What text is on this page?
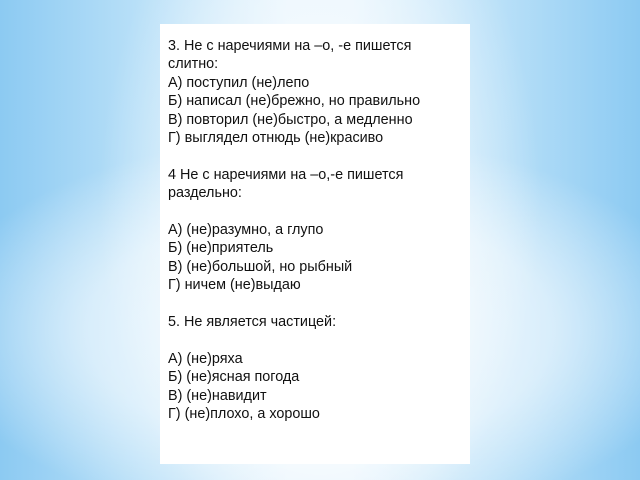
3. Не с наречиями на –о, -е пишется
слитно:
А) поступил (не)лепо
Б) написал (не)брежно, но правильно
В) повторил (не)быстро, а медленно
Г) выглядел отнюдь (не)красиво
4 Не с наречиями на –о,-е пишется
раздельно:
А) (не)разумно, а глупо
Б) (не)приятель
В) (не)большой, но рыбный
Г) ничем (не)выдаю
5. Не является частицей:
А) (не)ряха
Б) (не)ясная погода
В) (не)навидит
Г) (не)плохо, а хорошо
